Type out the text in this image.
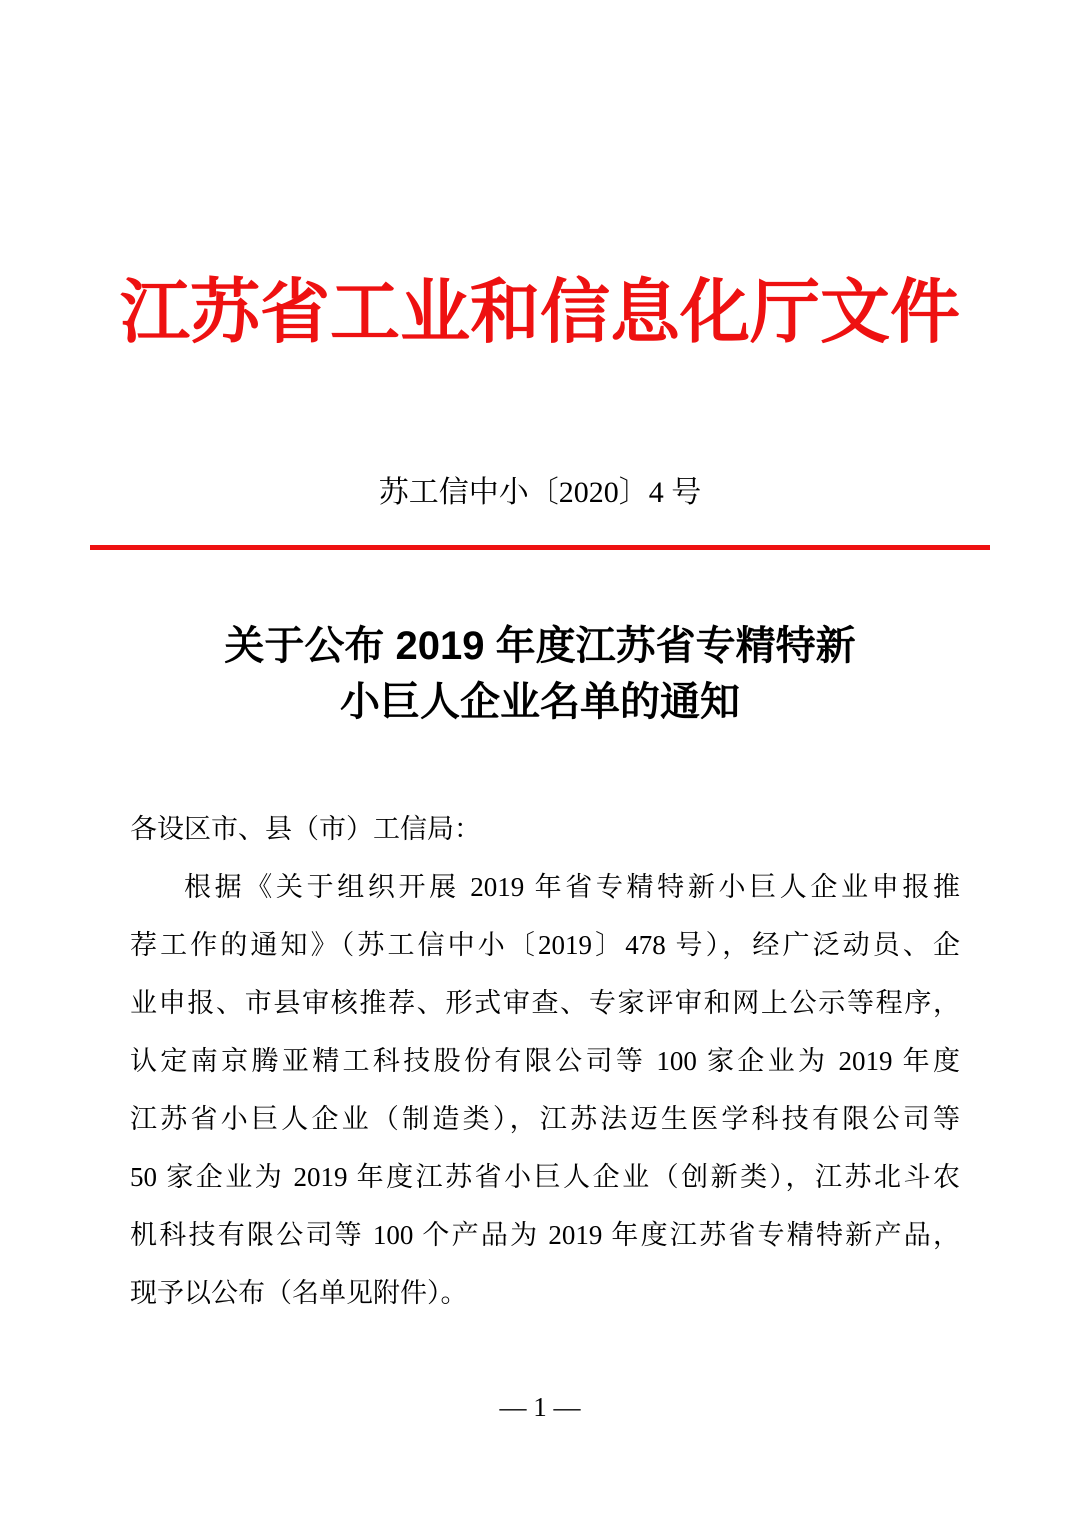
江苏省工业和信息化厅文件
苏工信中小〔2020〕4 号
关于公布 2019 年度江苏省专精特新
小巨人企业名单的通知
各设区市、县（市）工信局：
根据《关于组织开展 2019 年省专精特新小巨人企业申报推
荐工作的通知》（苏工信中小〔2019〕478 号），经广泛动员、企
业申报、市县审核推荐、形式审查、专家评审和网上公示等程序，
认定南京腾亚精工科技股份有限公司等 100 家企业为 2019 年度
江苏省小巨人企业（制造类），江苏法迈生医学科技有限公司等
50 家企业为 2019 年度江苏省小巨人企业（创新类），江苏北斗农
机科技有限公司等 100 个产品为 2019 年度江苏省专精特新产品，
现予以公布（名单见附件）。
— 1 —
